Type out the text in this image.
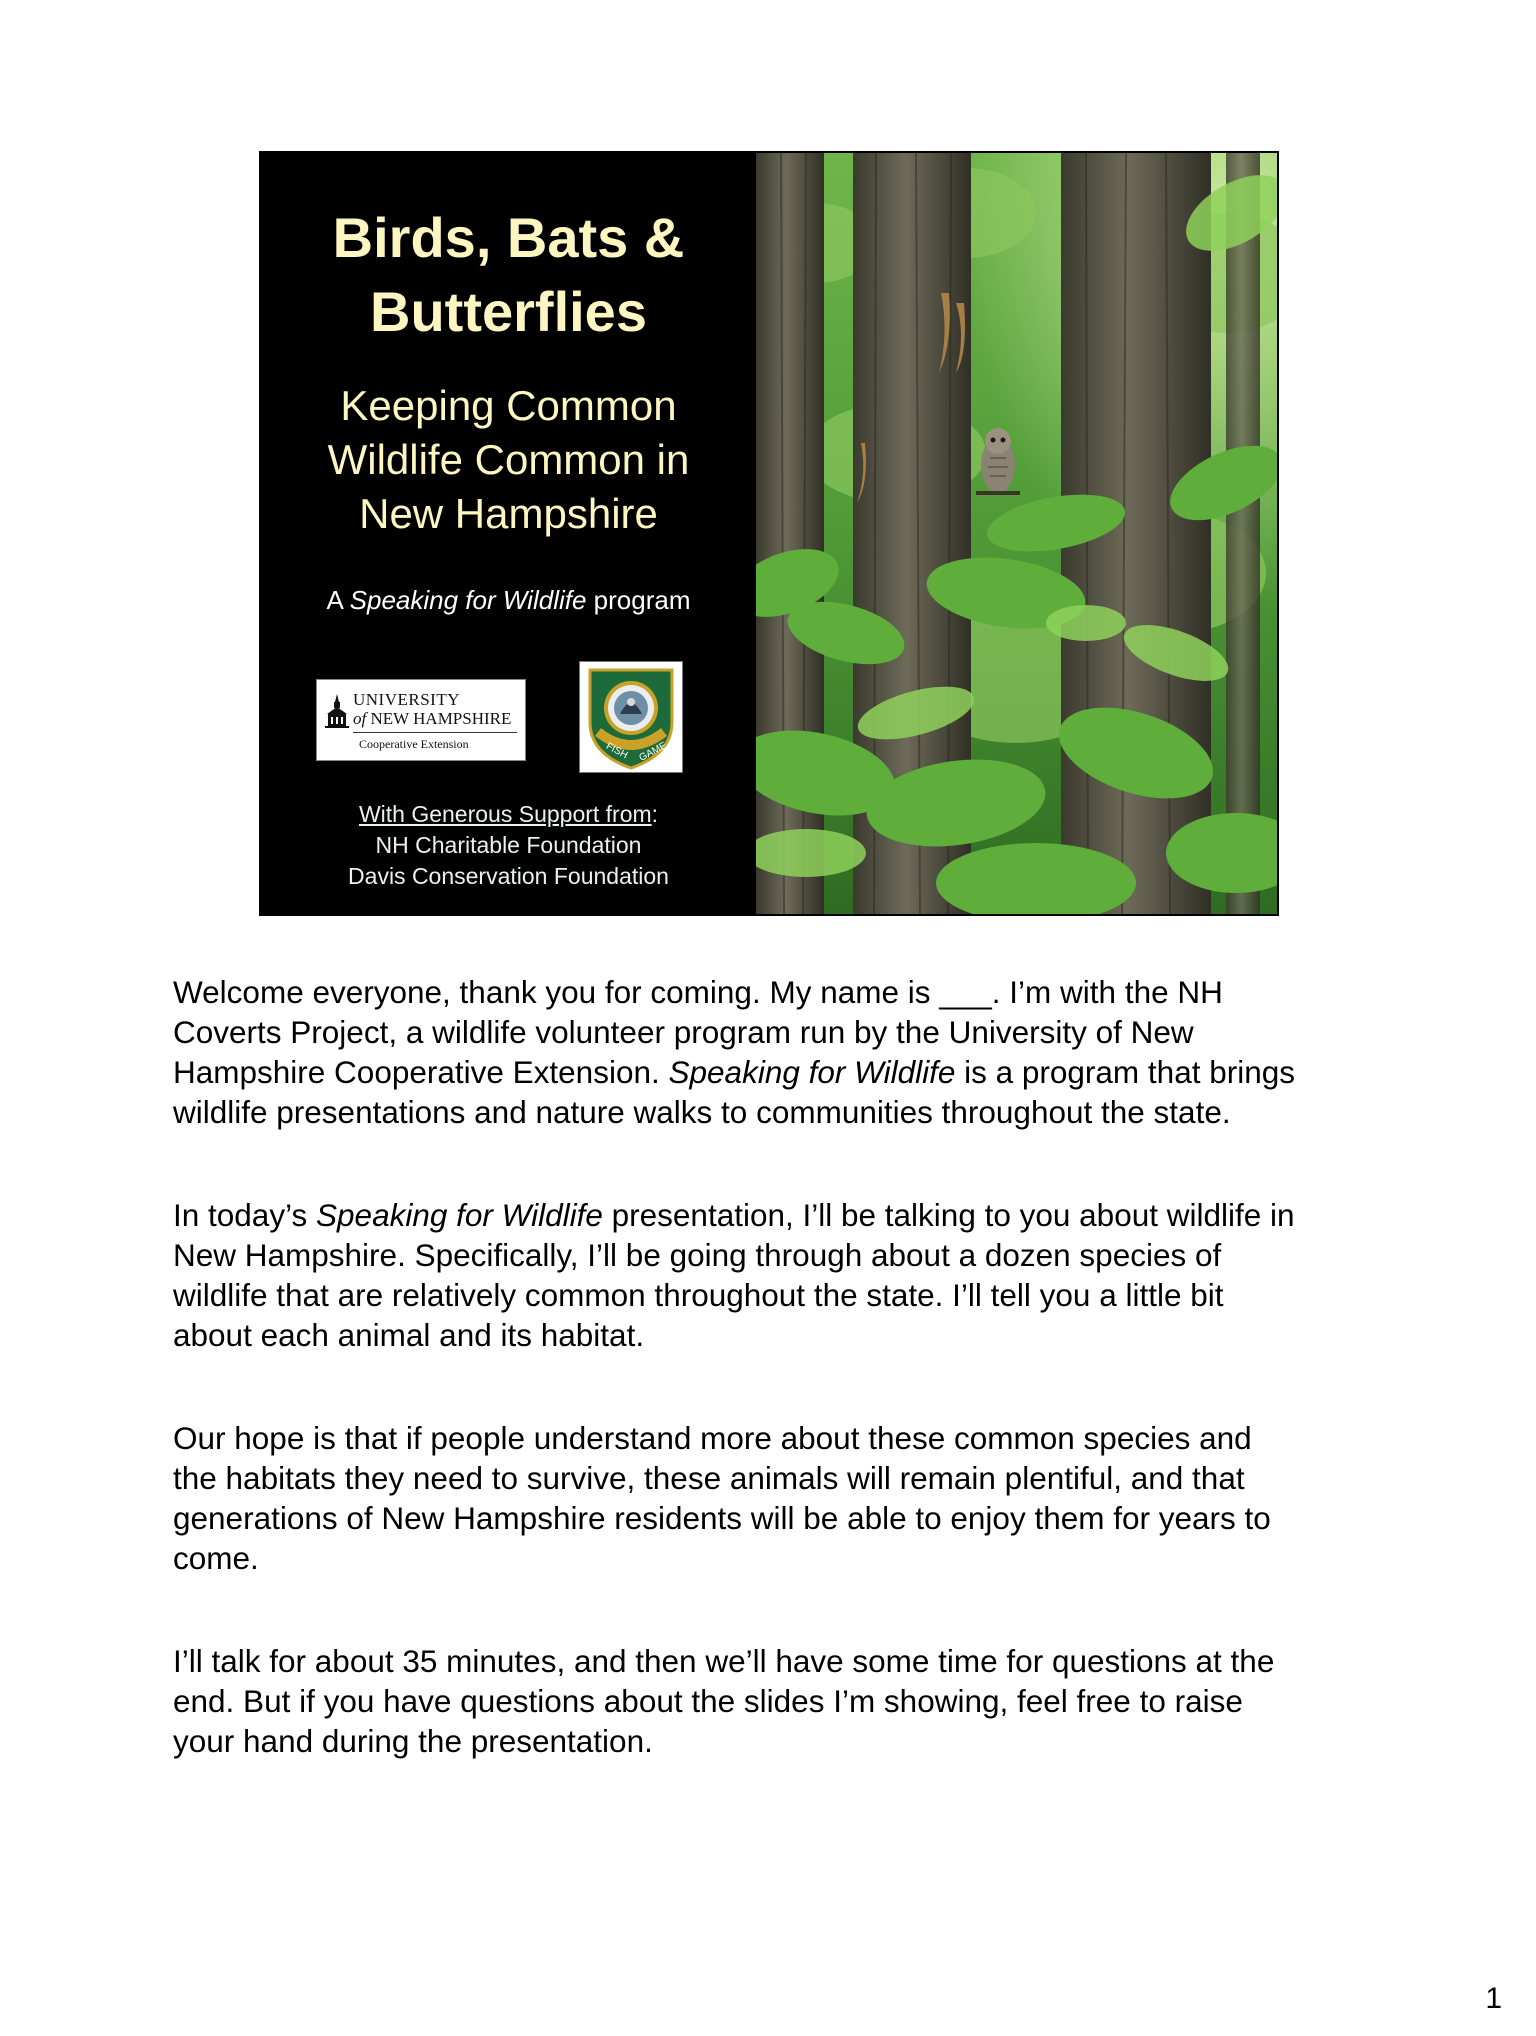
Birds, Bats &
Butterflies
Keeping Common
Wildlife Common in
New Hampshire
A Speaking for Wildlife program
UNIVERSITY
of NEW HAMPSHIRE
Cooperative Extension	FISH GAME
With Generous Support from:
NH Charitable Foundation
Davis Conservation Foundation
Welcome everyone, thank you for coming. My name is ___. I’m with the NH
Coverts Project, a wildlife volunteer program run by the University of New
Hampshire Cooperative Extension. Speaking for Wildlife is a program that brings
wildlife presentations and nature walks to communities throughout the state.
In today’s Speaking for Wildlife presentation, I’ll be talking to you about wildlife in
New Hampshire. Specifically, I’ll be going through about a dozen species of
wildlife that are relatively common throughout the state. I’ll tell you a little bit
about each animal and its habitat.
Our hope is that if people understand more about these common species and
the habitats they need to survive, these animals will remain plentiful, and that
generations of New Hampshire residents will be able to enjoy them for years to
come.
I’ll talk for about 35 minutes, and then we’ll have some time for questions at the
end. But if you have questions about the slides I’m showing, feel free to raise
your hand during the presentation.
1
